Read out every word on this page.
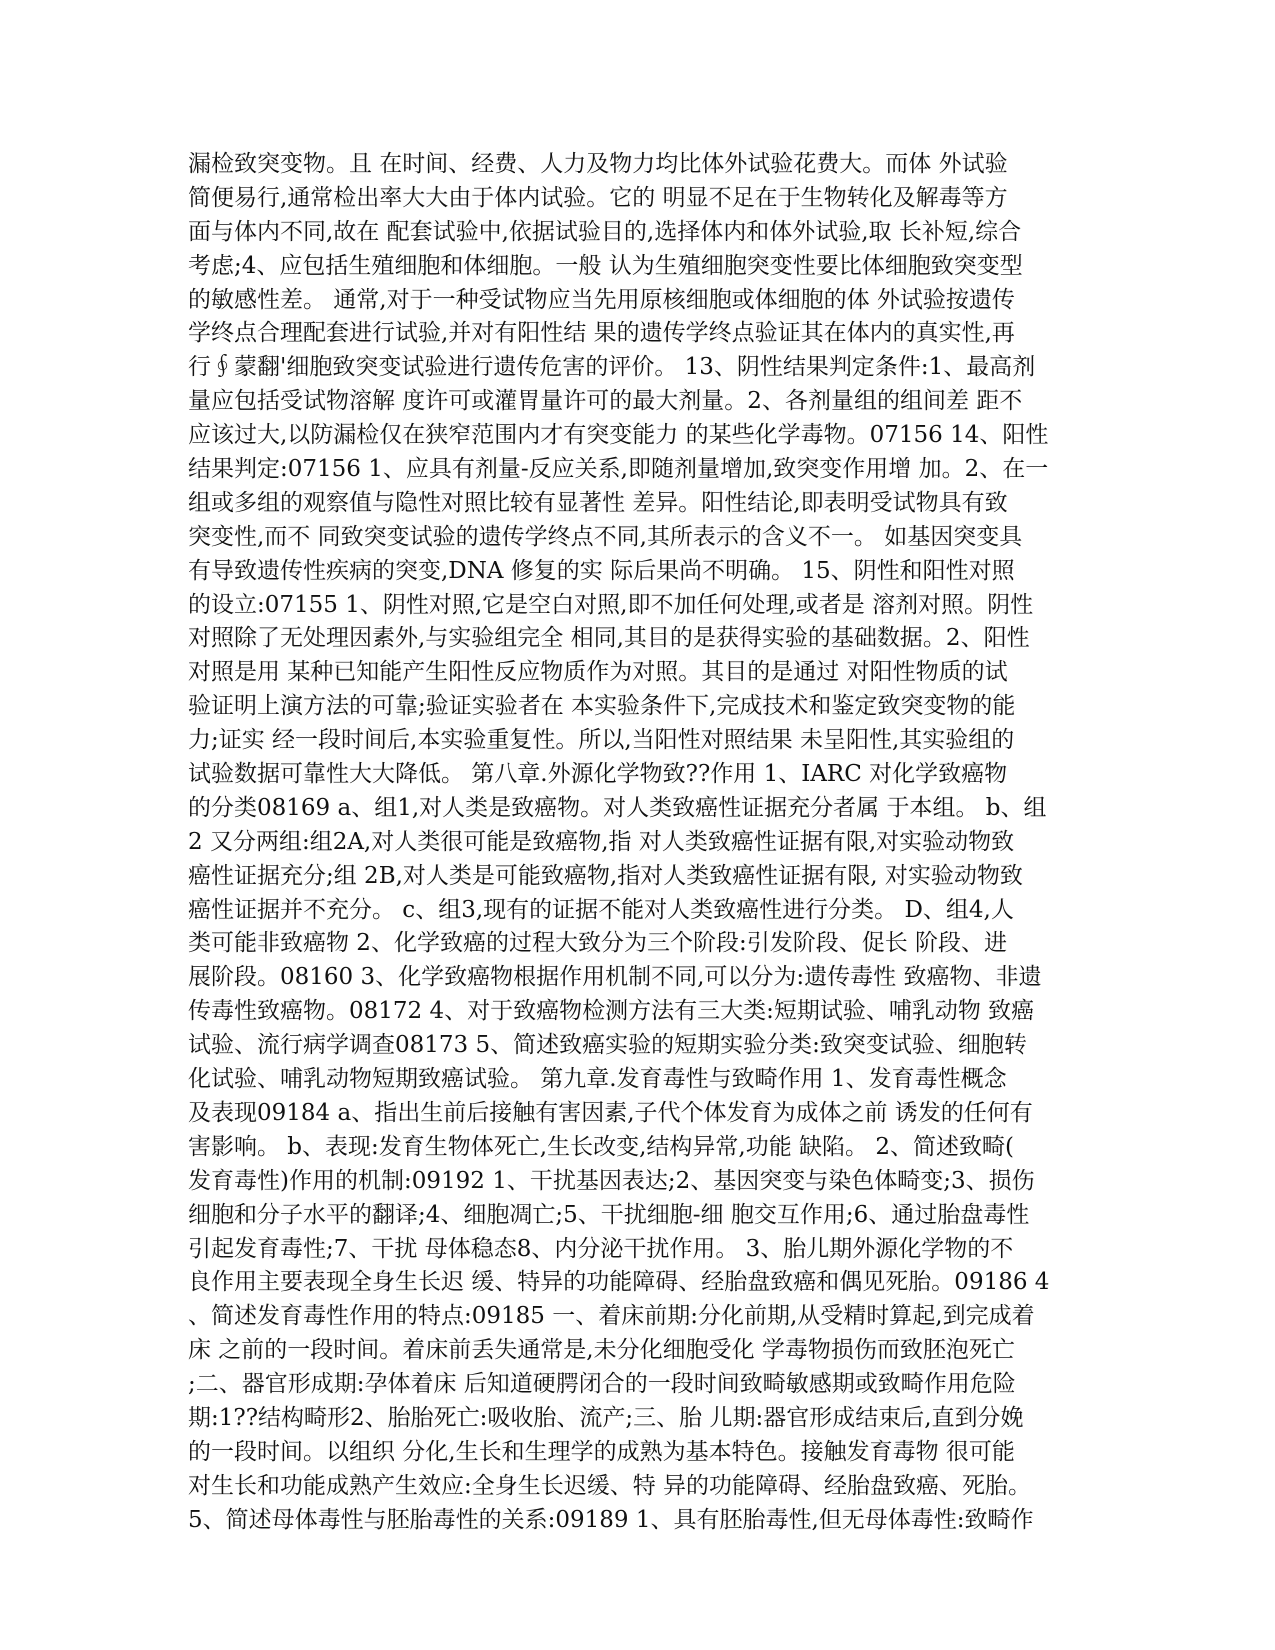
漏检致突变物。且 在时间、经费、人力及物力均比体外试验花费大。而体 外试验
简便易行,通常检出率大大由于体内试验。它的 明显不足在于生物转化及解毒等方
面与体内不同,故在 配套试验中,依据试验目的,选择体内和体外试验,取 长补短,综合
考虑;4、应包括生殖细胞和体细胞。一般 认为生殖细胞突变性要比体细胞致突变型
的敏感性差。 通常,对于一种受试物应当先用原核细胞或体细胞的体 外试验按遗传
学终点合理配套进行试验,并对有阳性结 果的遗传学终点验证其在体内的真实性,再
行∮蒙翻'细胞致突变试验进行遗传危害的评价。 13、阴性结果判定条件:1、最高剂
量应包括受试物溶解 度许可或灌胃量许可的最大剂量。2、各剂量组的组间差 距不
应该过大,以防漏检仅在狭窄范围内才有突变能力 的某些化学毒物。07156 14、阳性
结果判定:07156 1、应具有剂量-反应关系,即随剂量增加,致突变作用增 加。2、在一
组或多组的观察值与隐性对照比较有显著性 差异。阳性结论,即表明受试物具有致
突变性,而不 同致突变试验的遗传学终点不同,其所表示的含义不一。 如基因突变具
有导致遗传性疾病的突变,DNA 修复的实 际后果尚不明确。 15、阴性和阳性对照
的设立:07155 1、阴性对照,它是空白对照,即不加任何处理,或者是 溶剂对照。阴性
对照除了无处理因素外,与实验组完全 相同,其目的是获得实验的基础数据。2、阳性
对照是用 某种已知能产生阳性反应物质作为对照。其目的是通过 对阳性物质的试
验证明上演方法的可靠;验证实验者在 本实验条件下,完成技术和鉴定致突变物的能
力;证实 经一段时间后,本实验重复性。所以,当阳性对照结果 未呈阳性,其实验组的
试验数据可靠性大大降低。 第八章.外源化学物致??作用 1、IARC 对化学致癌物
的分类08169 a、组1,对人类是致癌物。对人类致癌性证据充分者属 于本组。 b、组
2 又分两组:组2A,对人类很可能是致癌物,指 对人类致癌性证据有限,对实验动物致
癌性证据充分;组 2B,对人类是可能致癌物,指对人类致癌性证据有限, 对实验动物致
癌性证据并不充分。 c、组3,现有的证据不能对人类致癌性进行分类。 D、组4,人
类可能非致癌物 2、化学致癌的过程大致分为三个阶段:引发阶段、促长 阶段、进
展阶段。08160 3、化学致癌物根据作用机制不同,可以分为:遗传毒性 致癌物、非遗
传毒性致癌物。08172 4、对于致癌物检测方法有三大类:短期试验、哺乳动物 致癌
试验、流行病学调查08173 5、简述致癌实验的短期实验分类:致突变试验、细胞转
化试验、哺乳动物短期致癌试验。 第九章.发育毒性与致畸作用 1、发育毒性概念
及表现09184 a、指出生前后接触有害因素,子代个体发育为成体之前 诱发的任何有
害影响。 b、表现:发育生物体死亡,生长改变,结构异常,功能 缺陷。 2、简述致畸(
发育毒性)作用的机制:09192 1、干扰基因表达;2、基因突变与染色体畸变;3、损伤
细胞和分子水平的翻译;4、细胞凋亡;5、干扰细胞-细 胞交互作用;6、通过胎盘毒性
引起发育毒性;7、干扰 母体稳态8、内分泌干扰作用。 3、胎儿期外源化学物的不
良作用主要表现全身生长迟 缓、特异的功能障碍、经胎盘致癌和偶见死胎。09186 4
、简述发育毒性作用的特点:09185 一、着床前期:分化前期,从受精时算起,到完成着
床 之前的一段时间。着床前丢失通常是,未分化细胞受化 学毒物损伤而致胚泡死亡
;二、器官形成期:孕体着床 后知道硬腭闭合的一段时间致畸敏感期或致畸作用危险
期:1??结构畸形2、胎胎死亡:吸收胎、流产;三、胎 儿期:器官形成结束后,直到分娩
的一段时间。以组织 分化,生长和生理学的成熟为基本特色。接触发育毒物 很可能
对生长和功能成熟产生效应:全身生长迟缓、特 异的功能障碍、经胎盘致癌、死胎。
5、简述母体毒性与胚胎毒性的关系:09189 1、具有胚胎毒性,但无母体毒性:致畸作
